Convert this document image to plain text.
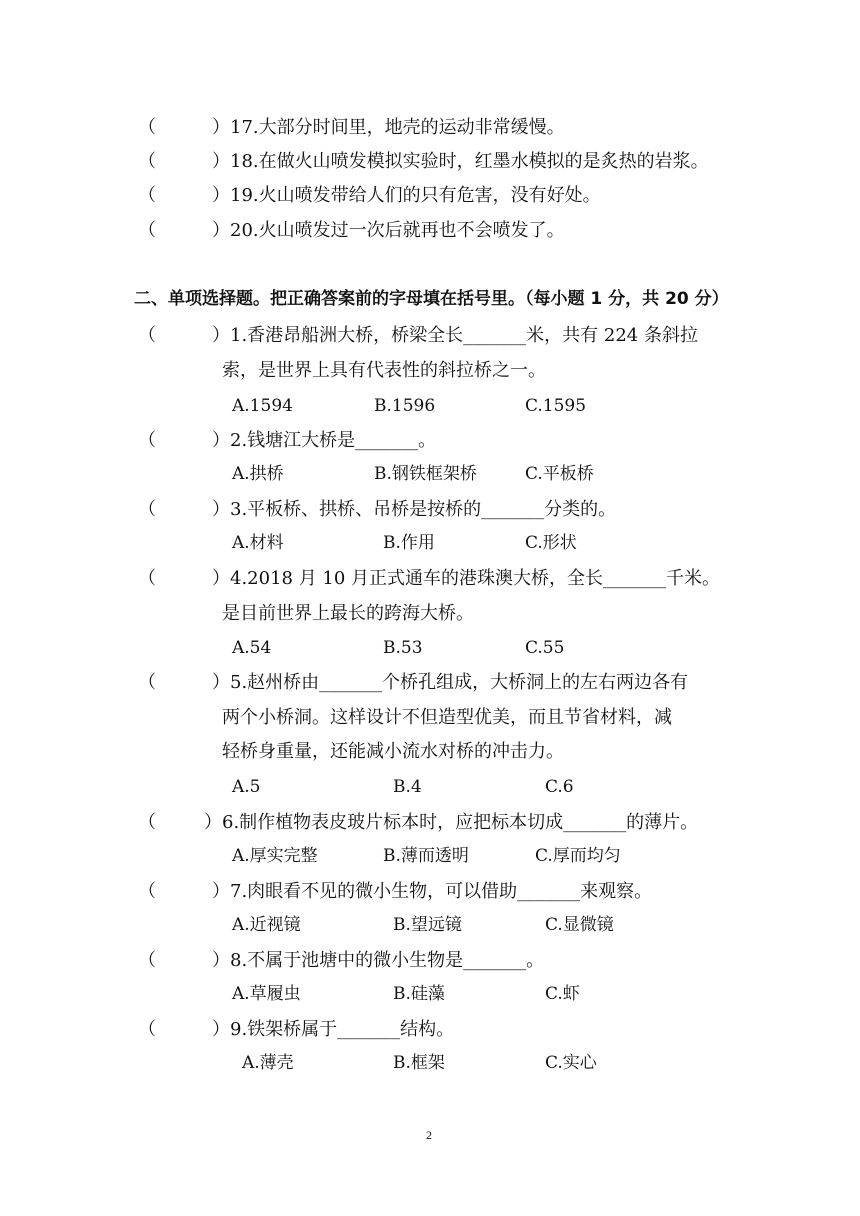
（	）17.大部分时间里，地壳的运动非常缓慢。
（	）18.在做火山喷发模拟实验时，红墨水模拟的是炙热的岩浆。
（	）19.火山喷发带给人们的只有危害，没有好处。
（	）20.火山喷发过一次后就再也不会喷发了。
二、单项选择题。把正确答案前的字母填在括号里。（每小题 1 分，共 20 分）
（	）1.香港昂船洲大桥，桥梁全长_______米，共有 224 条斜拉
索，是世界上具有代表性的斜拉桥之一。
A.1594	B.1596	C.1595
（	）2.钱塘江大桥是_______。
A.拱桥	B.钢铁框架桥	C.平板桥
（	）3.平板桥、拱桥、吊桥是按桥的_______分类的。
A.材料	B.作用	C.形状
（	）4.2018 月 10 月正式通车的港珠澳大桥，全长_______千米。
是目前世界上最长的跨海大桥。
A.54	B.53	C.55
（	）5.赵州桥由_______个桥孔组成，大桥洞上的左右两边各有
两个小桥洞。这样设计不但造型优美，而且节省材料，减
轻桥身重量，还能减小流水对桥的冲击力。
A.5	B.4	C.6
（	）6.制作植物表皮玻片标本时，应把标本切成_______的薄片。
A.厚实完整	B.薄而透明	C.厚而均匀
（	）7.肉眼看不见的微小生物，可以借助_______来观察。
A.近视镜	B.望远镜	C.显微镜
（	）8.不属于池塘中的微小生物是_______。
A.草履虫	B.硅藻	C.虾
（	）9.铁架桥属于_______结构。
A.薄壳	B.框架	C.实心
2
